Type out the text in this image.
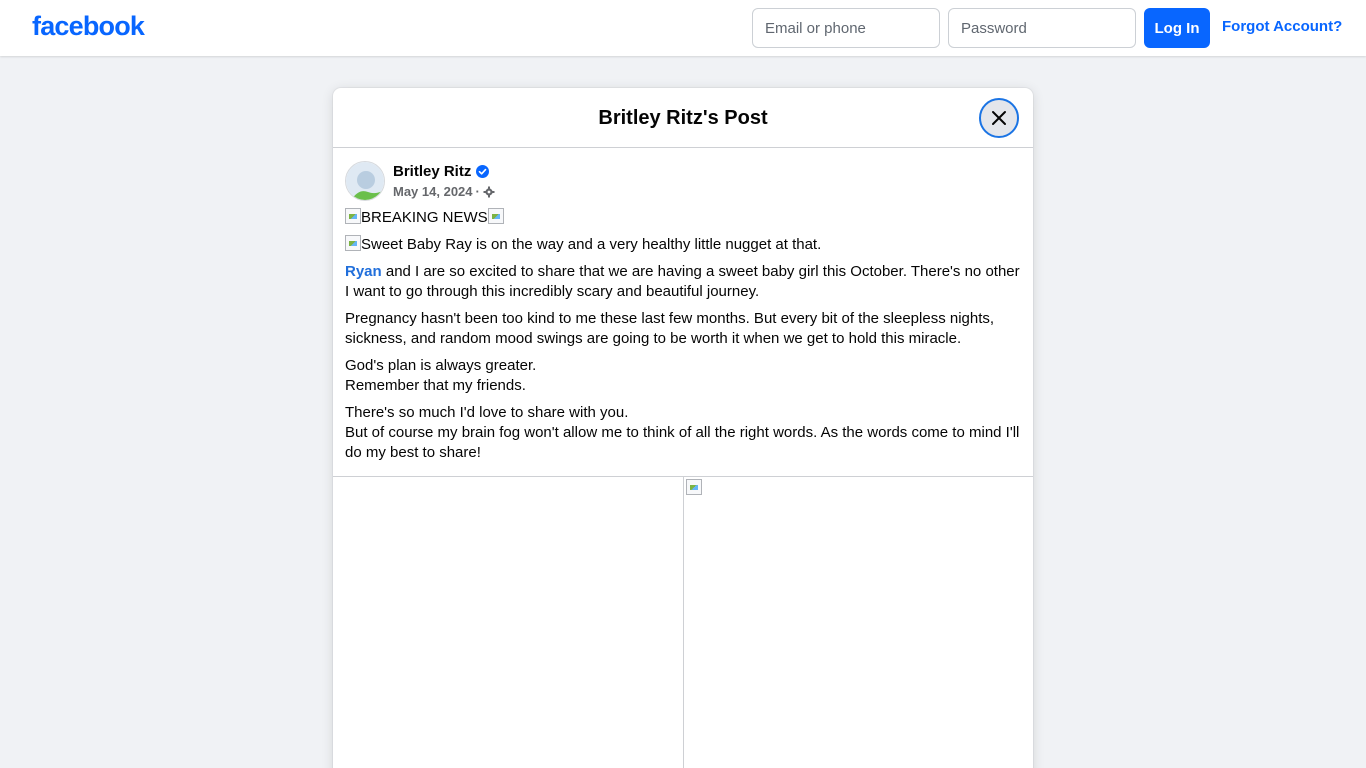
facebook
Email or phone	Log In	Forgot Account?
Britley Ritz's Post
Britley Ritz
May 14, 2024 ·

BREAKING NEWS

Sweet Baby Ray is on the way and a very healthy little nugget at that.

Ryan and I are so excited to share that we are having a sweet baby girl this October. There's no other I want to go through this incredibly scary and beautiful journey.

Pregnancy hasn't been too kind to me these last few months. But every bit of the sleepless nights, sickness, and random mood swings are going to be worth it when we get to hold this miracle.

God's plan is always greater.
Remember that my friends.

There's so much I'd love to share with you.
But of course my brain fog won't allow me to think of all the right words. As the words come to mind I'll do my best to share!
